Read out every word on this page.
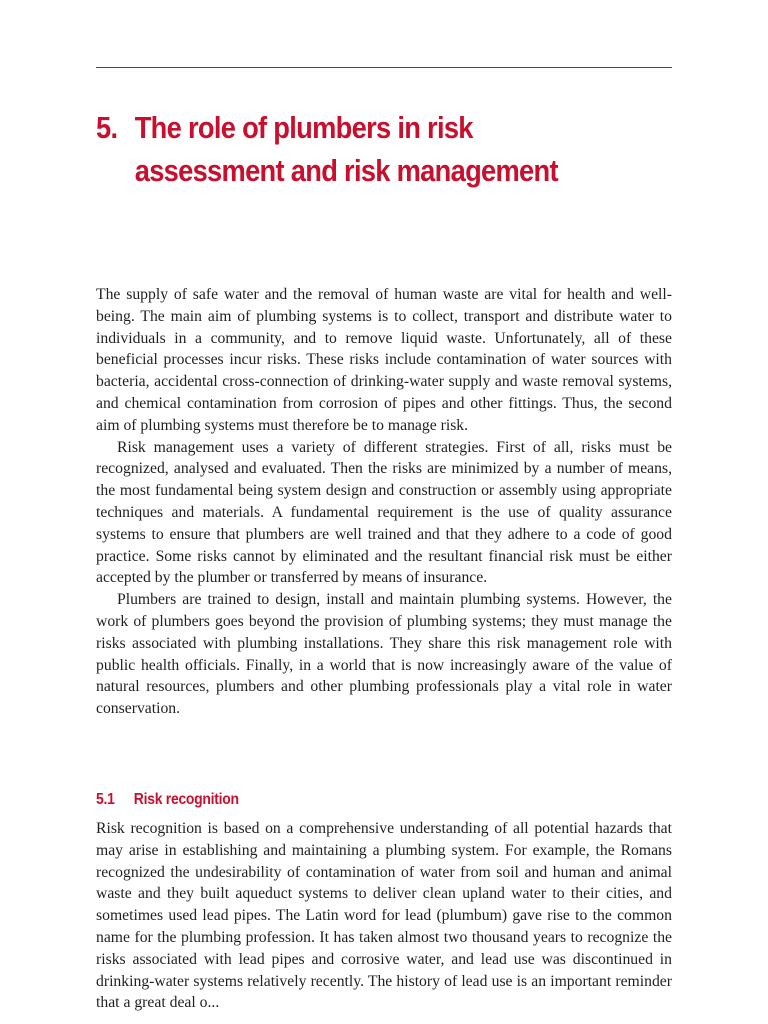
5. The role of plumbers in risk
assessment and risk management

The supply of safe water and the removal of human waste are vital for health and well-being. The main aim of plumbing systems is to collect, transport and distribute water to individuals in a community, and to remove liquid waste. Unfortunately, all of these beneficial processes incur risks. These risks include contamination of water sources with bacteria, accidental cross-connection of drinking-water supply and waste removal systems, and chemical contamination from corrosion of pipes and other fittings. Thus, the second aim of plumbing systems must therefore be to manage risk.

Risk management uses a variety of different strategies. First of all, risks must be recognized, analysed and evaluated. Then the risks are minimized by a number of means, the most fundamental being system design and construction or assembly using appropriate techniques and materials. A fundamental requirement is the use of quality assurance systems to ensure that plumbers are well trained and that they adhere to a code of good practice. Some risks cannot by eliminated and the resultant financial risk must be either accepted by the plumber or transferred by means of insurance.

Plumbers are trained to design, install and maintain plumbing systems. However, the work of plumbers goes beyond the provision of plumbing systems; they must manage the risks associated with plumbing installations. They share this risk management role with public health officials. Finally, in a world that is now increasingly aware of the value of natural resources, plumbers and other plumbing professionals play a vital role in water conservation.

5.1 Risk recognition

Risk recognition is based on a comprehensive understanding of all potential hazards that may arise in establishing and maintaining a plumbing system. For example, the Romans recognized the undesirability of contamination of water from soil and human and animal waste and they built aqueduct systems to deliver clean upland water to their cities, and sometimes used lead pipes. The Latin word for lead (plumbum) gave rise to the common name for the plumbing profession. It has taken almost two thousand years to recognize the risks associated with lead pipes and corrosive water, and lead use was discontinued in drinking-water systems relatively recently. The history of lead use is an important reminder that a great deal o...
